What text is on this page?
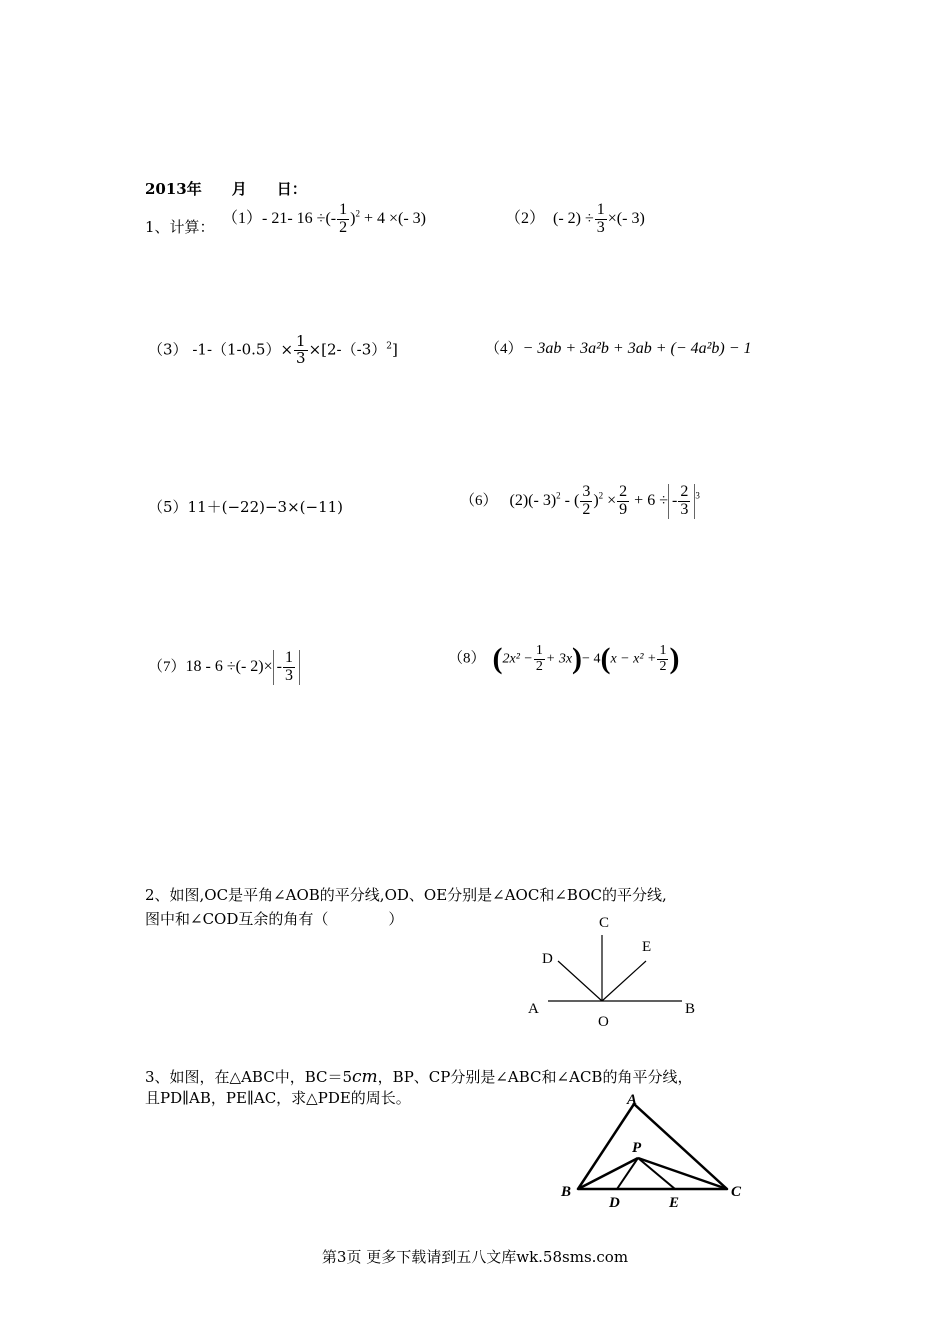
2013年　　月　　日：
1、计算： （1）- 21- 16 ÷(- $\frac{1}{2} )^2 + 4$ ×(- 3)	（2） (- $2) \div \frac{1}{3}$ ×(- 3)
（3） $-1-(1-0.5)\times \frac{1}{3} \times[2-(-3)^2]$	（4）− 3ab + 3a²b + 3ab + (− 4a²b) − 1
（5）11＋(−22)−3×(−11)	（6） (2)(- 3)$^2$ - ( $\frac{3}{2} )^2 \times \frac{2}{9} + 6$ ÷ - $\frac{2}{3} ^3$
（7）18 - 6 ÷(- $2)\times - \frac{1}{3}$	（8） $(2x^2 - \frac{1}{2} + 3x)- 4(x - x^2 + \frac{1}{2}$ )
2、如图,OC是平角∠AOB的平分线,OD、OE分别是∠AOC和∠BOC的平分线,
图中和∠COD互余的角有（　　　　）	C
E
D
A	B
O
3、如图，在△ABC中，BC＝5cm，BP、CP分别是∠ABC和∠ACB的角平分线，
且PD∥AB，PE∥AC，求△PDE的周长。	A
P
B	C
D	E
第3页 更多下载请到五八文库wk.58sms.com
